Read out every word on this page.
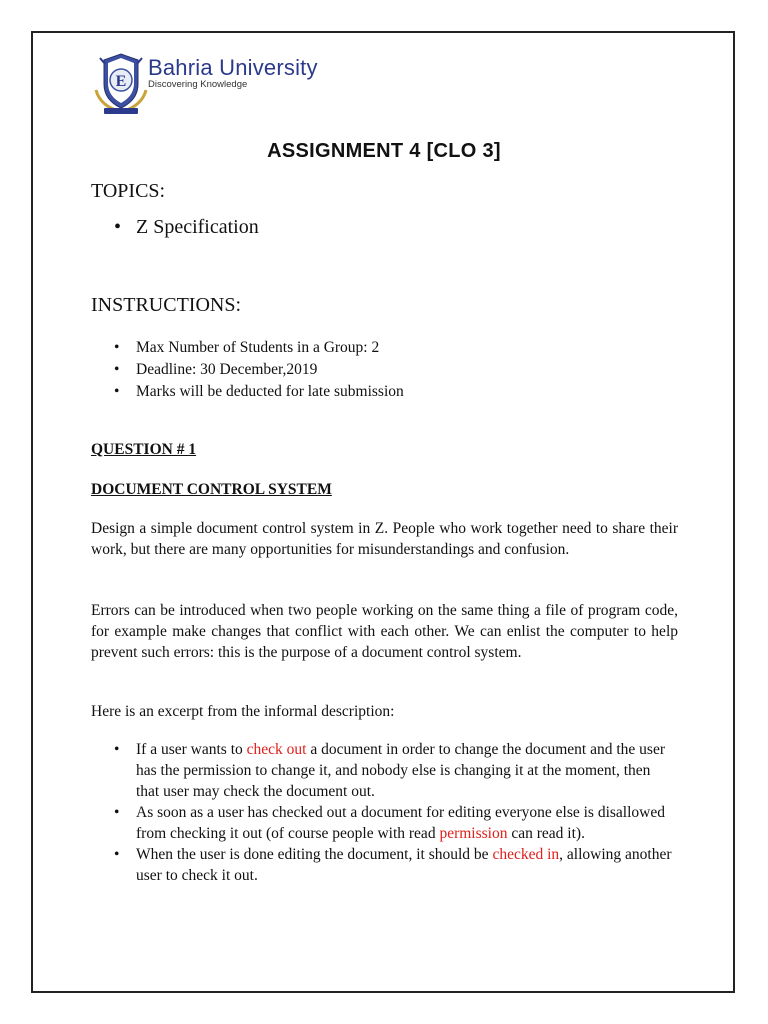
E
Bahria University
Discovering Knowledge
ASSIGNMENT 4 [CLO 3]
TOPICS:
• Z Specification
INSTRUCTIONS:
• Max Number of Students in a Group: 2
• Deadline: 30 December,2019
• Marks will be deducted for late submission
QUESTION # 1
DOCUMENT CONTROL SYSTEM

Design a simple document control system in Z. People who work together need to share their work, but there are many opportunities for misunderstandings and confusion.

Errors can be introduced when two people working on the same thing a file of program code, for example make changes that conflict with each other. We can enlist the computer to help prevent such errors: this is the purpose of a document control system.

Here is an excerpt from the informal description:

• If a user wants to check out a document in order to change the document and the user has the permission to change it, and nobody else is changing it at the moment, then that user may check the document out.
• As soon as a user has checked out a document for editing everyone else is disallowed from checking it out (of course people with read permission can read it).
• When the user is done editing the document, it should be checked in, allowing another user to check it out.
